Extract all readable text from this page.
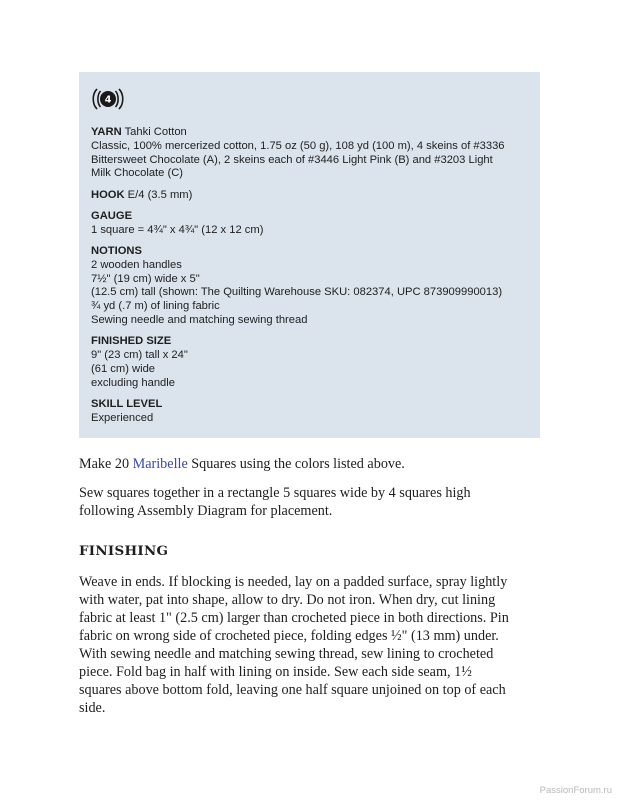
4
YARN Tahki Cotton
Classic, 100% mercerized cotton, 1.75 oz (50 g), 108 yd (100 m), 4 skeins of #3336
Bittersweet Chocolate (A), 2 skeins each of #3446 Light Pink (B) and #3203 Light
Milk Chocolate (C)
HOOK E/4 (3.5 mm)
GAUGE
1 square = 4¾" x 4¾" (12 x 12 cm)
NOTIONS
2 wooden handles
7½" (19 cm) wide x 5"
(12.5 cm) tall (shown: The Quilting Warehouse SKU: 082374, UPC 873909990013)
¾ yd (.7 m) of lining fabric
Sewing needle and matching sewing thread
FINISHED SIZE
9" (23 cm) tall x 24"
(61 cm) wide
excluding handle
SKILL LEVEL
Experienced
Make 20 Maribelle Squares using the colors listed above.
Sew squares together in a rectangle 5 squares wide by 4 squares high
following Assembly Diagram for placement.
FINISHING
Weave in ends. If blocking is needed, lay on a padded surface, spray lightly
with water, pat into shape, allow to dry. Do not iron. When dry, cut lining
fabric at least 1" (2.5 cm) larger than crocheted piece in both directions. Pin
fabric on wrong side of crocheted piece, folding edges ½" (13 mm) under.
With sewing needle and matching sewing thread, sew lining to crocheted
piece. Fold bag in half with lining on inside. Sew each side seam, 1½
squares above bottom fold, leaving one half square unjoined on top of each
side.
PassionForum.ru
